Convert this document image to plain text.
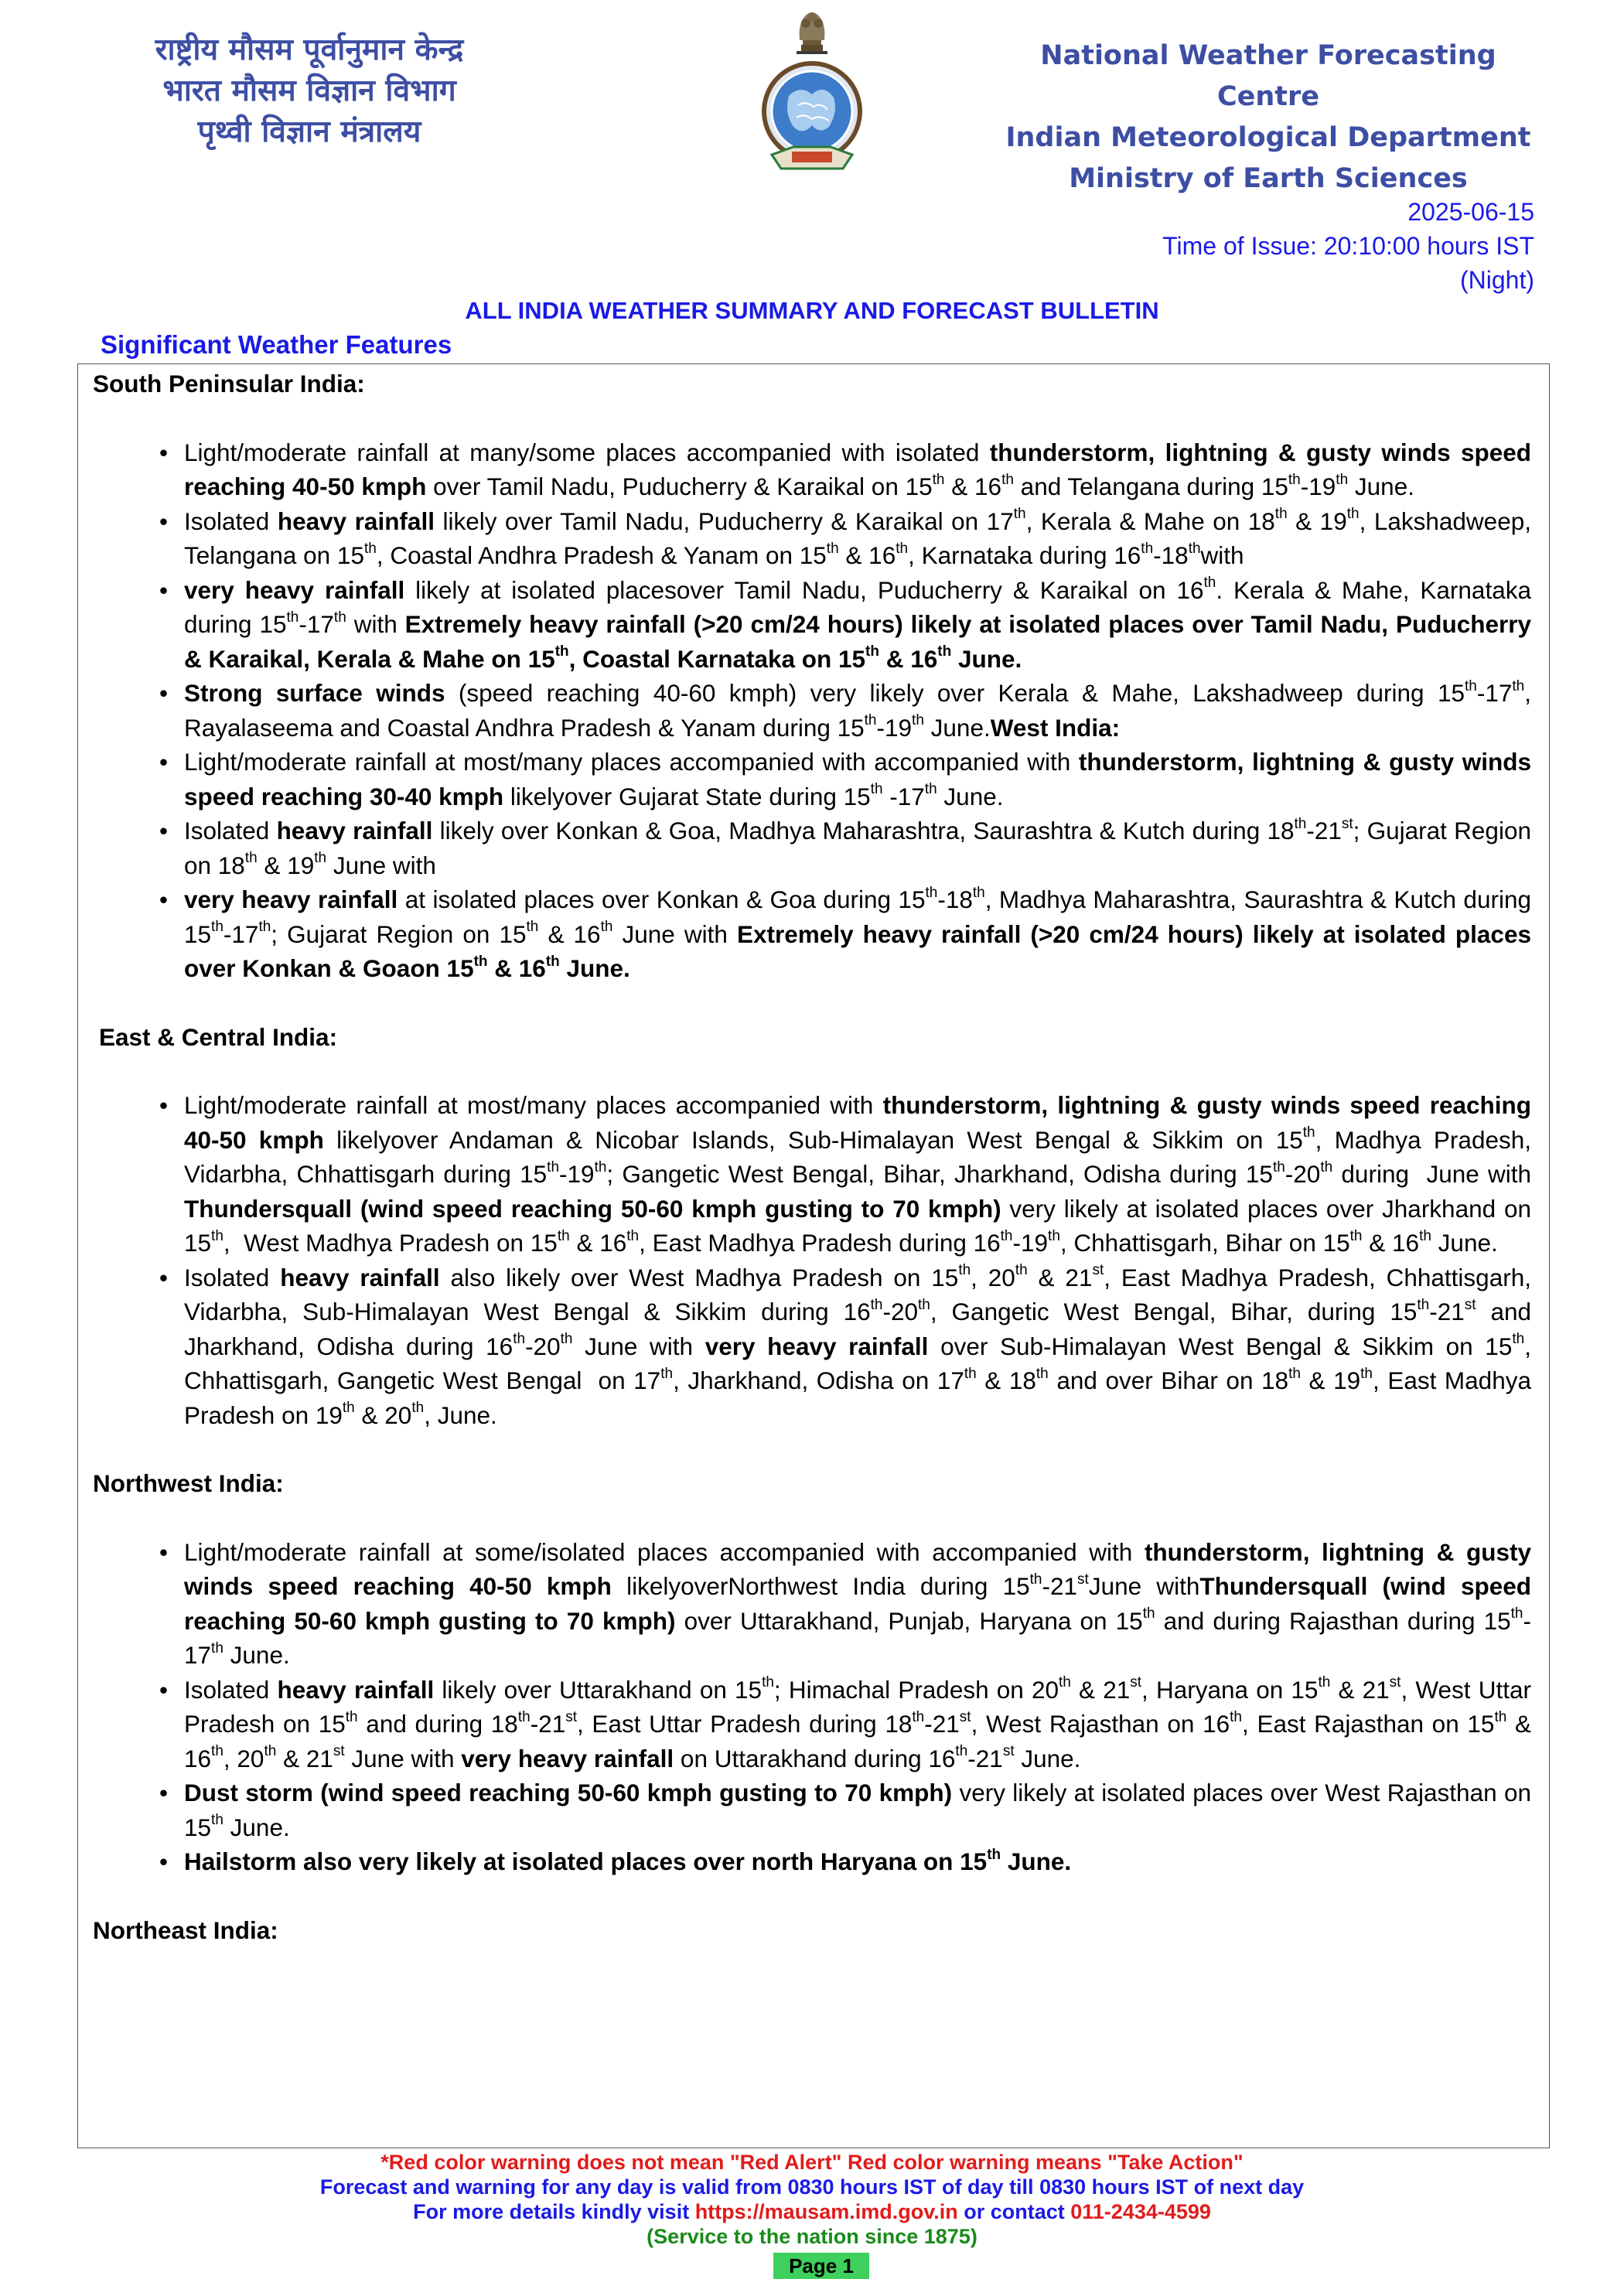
राष्ट्रीय मौसम पूर्वानुमान केन्द्र
भारत मौसम विज्ञान विभाग
पृथ्वी विज्ञान मंत्रालय
National Weather Forecasting Centre
Indian Meteorological Department
Ministry of Earth Sciences
2025-06-15
Time of Issue: 20:10:00 hours IST
(Night)
ALL INDIA WEATHER SUMMARY AND FORECAST BULLETIN
Significant Weather Features
South Peninsular India:
• Light/moderate rainfall at many/some places accompanied with isolated thunderstorm, lightning & gusty winds speed reaching 40-50 kmph over Tamil Nadu, Puducherry & Karaikal on 15th & 16th and Telangana during 15th-19th June.
• Isolated heavy rainfall likely over Tamil Nadu, Puducherry & Karaikal on 17th, Kerala & Mahe on 18th & 19th, Lakshadweep, Telangana on 15th, Coastal Andhra Pradesh & Yanam on 15th & 16th, Karnataka during 16th-18thwith
• very heavy rainfall likely at isolated placesover Tamil Nadu, Puducherry & Karaikal on 16th. Kerala & Mahe, Karnataka during 15th-17th with Extremely heavy rainfall (>20 cm/24 hours) likely at isolated places over Tamil Nadu, Puducherry & Karaikal, Kerala & Mahe on 15th, Coastal Karnataka on 15th & 16th June.
• Strong surface winds (speed reaching 40-60 kmph) very likely over Kerala & Mahe, Lakshadweep during 15th-17th, Rayalaseema and Coastal Andhra Pradesh & Yanam during 15th-19th June.West India:
• Light/moderate rainfall at most/many places accompanied with accompanied with thunderstorm, lightning & gusty winds speed reaching 30-40 kmph likelyover Gujarat State during 15th -17th June.
• Isolated heavy rainfall likely over Konkan & Goa, Madhya Maharashtra, Saurashtra & Kutch during 18th-21st; Gujarat Region on 18th & 19th June with
• very heavy rainfall at isolated places over Konkan & Goa during 15th-18th, Madhya Maharashtra, Saurashtra & Kutch during 15th-17th; Gujarat Region on 15th & 16th June with Extremely heavy rainfall (>20 cm/24 hours) likely at isolated places over Konkan & Goaon 15th & 16th June.
East & Central India:
• Light/moderate rainfall at most/many places accompanied with thunderstorm, lightning & gusty winds speed reaching 40-50 kmph likelyover Andaman & Nicobar Islands, Sub-Himalayan West Bengal & Sikkim on 15th, Madhya Pradesh, Vidarbha, Chhattisgarh during 15th-19th; Gangetic West Bengal, Bihar, Jharkhand, Odisha during 15th-20th during  June with Thundersquall (wind speed reaching 50-60 kmph gusting to 70 kmph) very likely at isolated places over Jharkhand on 15th,  West Madhya Pradesh on 15th & 16th, East Madhya Pradesh during 16th-19th, Chhattisgarh, Bihar on 15th & 16th June.
• Isolated heavy rainfall also likely over West Madhya Pradesh on 15th, 20th & 21st, East Madhya Pradesh, Chhattisgarh, Vidarbha, Sub-Himalayan West Bengal & Sikkim during 16th-20th, Gangetic West Bengal, Bihar, during 15th-21st and Jharkhand, Odisha during 16th-20th June with very heavy rainfall over Sub-Himalayan West Bengal & Sikkim on 15th, Chhattisgarh, Gangetic West Bengal  on 17th, Jharkhand, Odisha on 17th & 18th and over Bihar on 18th & 19th, East Madhya Pradesh on 19th & 20th, June.
Northwest India:
• Light/moderate rainfall at some/isolated places accompanied with accompanied with thunderstorm, lightning & gusty winds speed reaching 40-50 kmph likelyoverNorthwest India during 15th-21stJune withThundersquall (wind speed reaching 50-60 kmph gusting to 70 kmph) over Uttarakhand, Punjab, Haryana on 15th and during Rajasthan during 15th-17th June.
• Isolated heavy rainfall likely over Uttarakhand on 15th; Himachal Pradesh on 20th & 21st, Haryana on 15th & 21st, West Uttar Pradesh on 15th and during 18th-21st, East Uttar Pradesh during 18th-21st, West Rajasthan on 16th, East Rajasthan on 15th & 16th, 20th & 21st June with very heavy rainfall on Uttarakhand during 16th-21st June.
• Dust storm (wind speed reaching 50-60 kmph gusting to 70 kmph) very likely at isolated places over West Rajasthan on 15th June.
• Hailstorm also very likely at isolated places over north Haryana on 15th June.
Northeast India:
*Red color warning does not mean "Red Alert" Red color warning means "Take Action"
Forecast and warning for any day is valid from 0830 hours IST of day till 0830 hours IST of next day
For more details kindly visit https://mausam.imd.gov.in or contact 011-2434-4599
(Service to the nation since 1875)
Page 1
